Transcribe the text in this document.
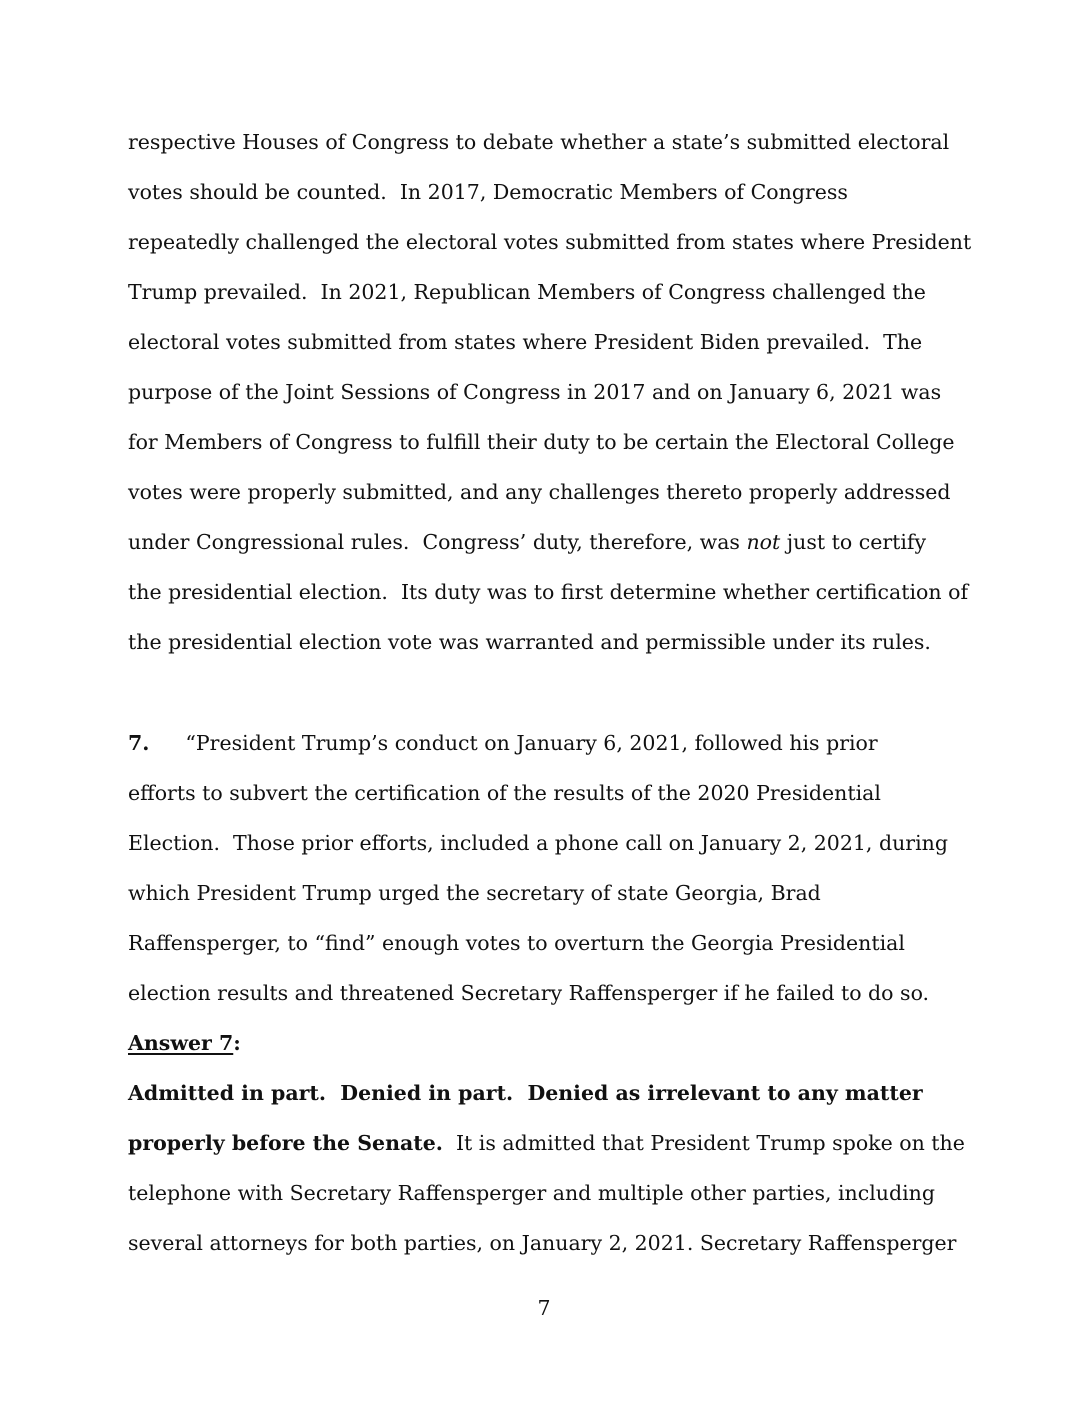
respective Houses of Congress to debate whether a state’s submitted electoral
votes should be counted.  In 2017, Democratic Members of Congress
repeatedly challenged the electoral votes submitted from states where President
Trump prevailed.  In 2021, Republican Members of Congress challenged the
electoral votes submitted from states where President Biden prevailed.  The
purpose of the Joint Sessions of Congress in 2017 and on January 6, 2021 was
for Members of Congress to fulfill their duty to be certain the Electoral College
votes were properly submitted, and any challenges thereto properly addressed
under Congressional rules.  Congress’ duty, therefore, was not just to certify
the presidential election.  Its duty was to first determine whether certification of
the presidential election vote was warranted and permissible under its rules.
7. “President Trump’s conduct on January 6, 2021, followed his prior
efforts to subvert the certification of the results of the 2020 Presidential
Election.  Those prior efforts, included a phone call on January 2, 2021, during
which President Trump urged the secretary of state Georgia, Brad
Raffensperger, to “find” enough votes to overturn the Georgia Presidential
election results and threatened Secretary Raffensperger if he failed to do so.
Answer 7:
Admitted in part.  Denied in part.  Denied as irrelevant to any matter
properly before the Senate.  It is admitted that President Trump spoke on the
telephone with Secretary Raffensperger and multiple other parties, including
several attorneys for both parties, on January 2, 2021. Secretary Raffensperger
7
